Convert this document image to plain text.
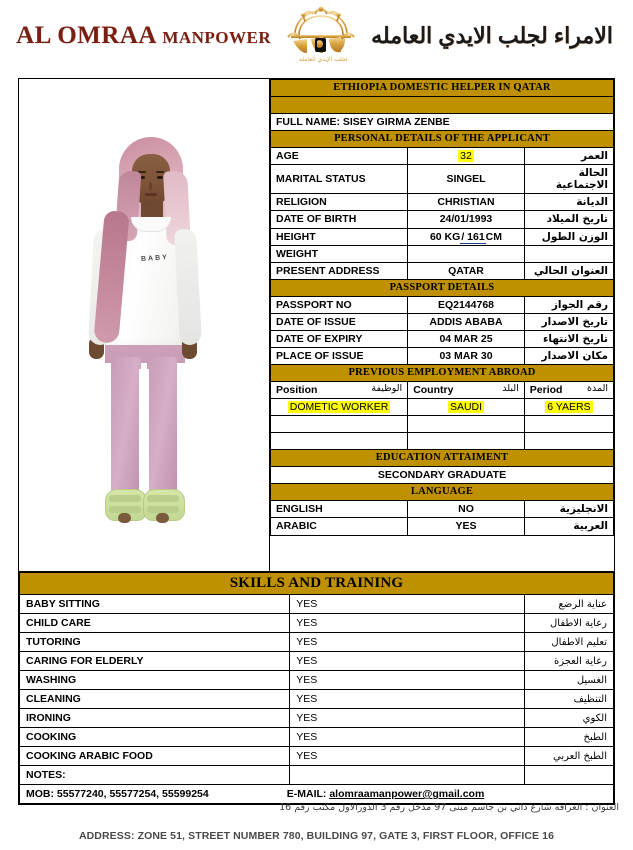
AL OMRAA MANPOWER
لجلب الإيدي العامله
الامراء لجلب الايدي العامله
BABY
ETHIOPIA DOMESTIC HELPER IN QATAR		

FULL NAME: SISEY GIRMA ZENBE		
PERSONAL DETAILS OF THE APPLICANT		
AGE	32	العمر
MARITAL STATUS	SINGEL	الحالة الاجتماعية
RELIGION	CHRISTIAN	الديانة
DATE OF BIRTH	24/01/1993	تاريخ الميلاد
HEIGHT	60 KG/ 161CM	الوزن الطول
WEIGHT		
PRESENT ADDRESS	QATAR	العنوان الحالي
PASSPORT DETAILS		
PASSPORT NO	EQ2144768	رقم الجواز
DATE OF ISSUE	ADDIS ABABA	تاريخ الاصدار
DATE OF EXPIRY	04 MAR 25	تاريخ الانتهاء
PLACE OF ISSUE	03 MAR 30	مكان الاصدار
PREVIOUS EMPLOYMENT ABROAD		
Position الوظيفة	Country البلد	Period المدة

DOMETIC WORKER	SAUDI	6 YAERS

EDUCATION ATTAIMENT		
SECONDARY GRADUATE		
LANGUAGE		
ENGLISH	NO	الانجليزية
ARABIC	YES	العربية
SKILLS AND TRAINING		
BABY SITTING	YES	عناية الرضع
CHILD CARE	YES	رعاية الاطفال
TUTORING	YES	تعليم الاطفال
CARING FOR ELDERLY	YES	رعاية العجزة
WASHING	YES	الغسيل
CLEANING	YES	التنظيف
IRONING	YES	الكوي
COOKING	YES	الطبخ
COOKING ARABIC FOOD	YES	الطبخ العربي
NOTES:		

MOB: 55577240, 55577254, 55599254 E-MAIL: alomraamanpower@gmail.com		
العنوان : الغرافه شارع ذاني بن جاسم مبنى 97 مدخل رقم 3 الدورالاول مكتب رقم 16
ADDRESS: ZONE 51, STREET NUMBER 780, BUILDING 97, GATE 3, FIRST FLOOR, OFFICE 16
